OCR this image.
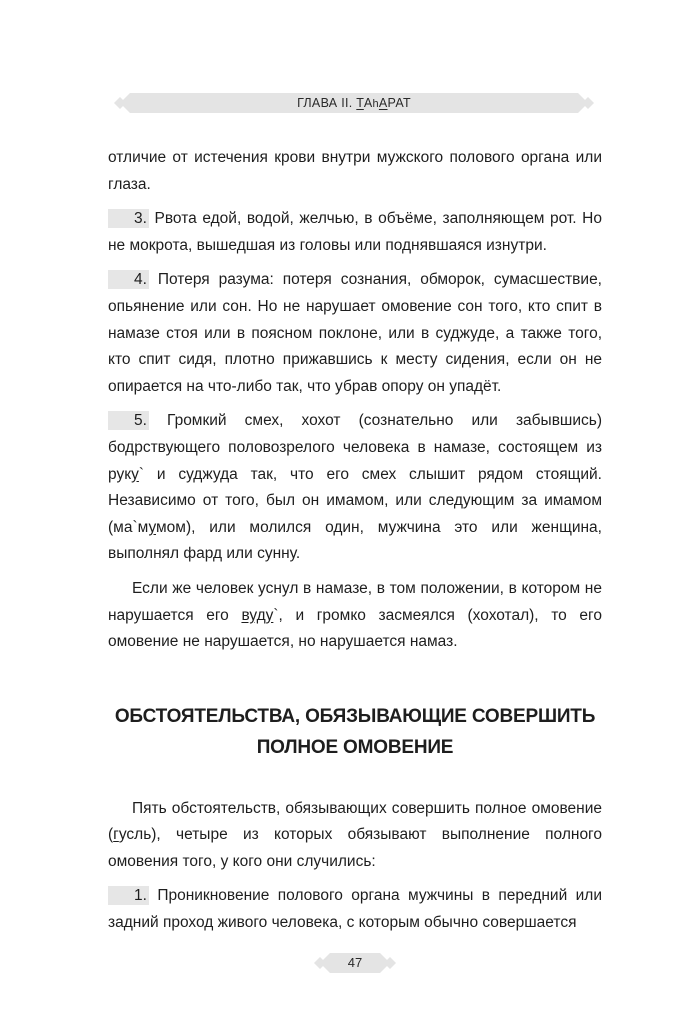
ГЛАВА II. ТАhАРАТ

отличие от истечения крови внутри мужского полового органа или глаза.

3. Рвота едой, водой, желчью, в объёме, заполняющем рот. Но не мокрота, вышедшая из головы или поднявшаяся изнутри.

4. Потеря разума: потеря сознания, обморок, сумасшествие, опьянение или сон. Но не нарушает омовение сон того, кто спит в намазе стоя или в поясном поклоне, или в суджуде, а также того, кто спит сидя, плотно прижавшись к месту сидения, если он не опирается на что-либо так, что убрав опору он упадёт.

5. Громкий смех, хохот (сознательно или забывшись) бодрствующего половозрелого человека в намазе, состоящем из руку` и суджуда так, что его смех слышит рядом стоящий. Независимо от того, был он имамом, или следующим за имамом (ма`мумом), или молился один, мужчина это или женщина, выполнял фард или сунну.

Если же человек уснул в намазе, в том положении, в котором не нарушается его вуду`, и громко засмеялся (хохотал), то его омовение не нарушается, но нарушается намаз.

ОБСТОЯТЕЛЬСТВА, ОБЯЗЫВАЮЩИЕ СОВЕРШИТЬ
ПОЛНОЕ ОМОВЕНИЕ

Пять обстоятельств, обязывающих совершить полное омовение (гусль), четыре из которых обязывают выполнение полного омовения того, у кого они случились:

1. Проникновение полового органа мужчины в передний или задний проход живого человека, с которым обычно совершается

47
